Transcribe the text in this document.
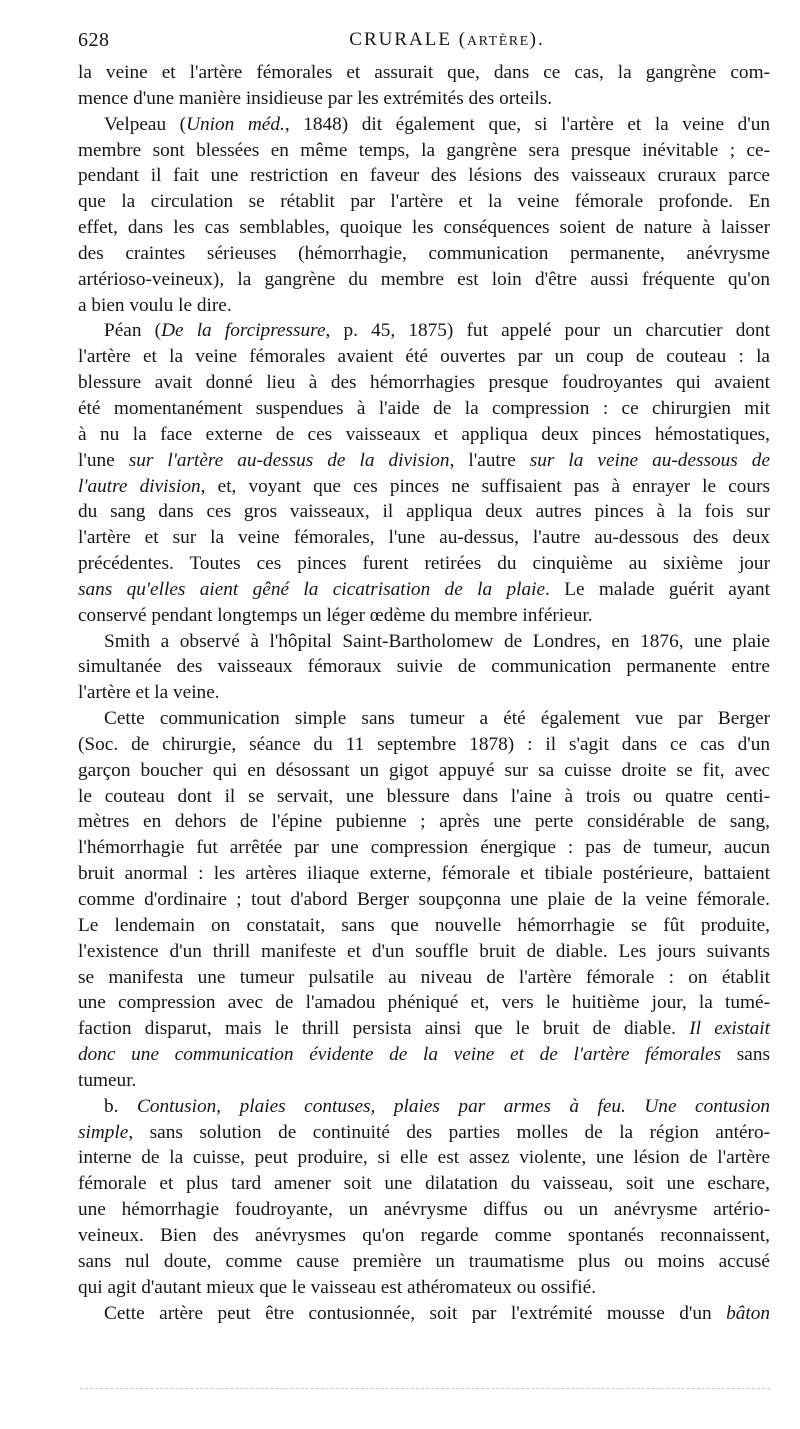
628	CRURALE (ARTÈRE).
la veine et l'artère fémorales et assurait que, dans ce cas, la gangrène com-
mence d'une manière insidieuse par les extrémités des orteils.
Velpeau (Union méd., 1848) dit également que, si l'artère et la veine d'un
membre sont blessées en même temps, la gangrène sera presque inévitable ; ce-
pendant il fait une restriction en faveur des lésions des vaisseaux cruraux parce
que la circulation se rétablit par l'artère et la veine fémorale profonde. En
effet, dans les cas semblables, quoique les conséquences soient de nature à laisser
des craintes sérieuses (hémorrhagie, communication permanente, anévrysme
artérioso-veineux), la gangrène du membre est loin d'être aussi fréquente qu'on
a bien voulu le dire.
Péan (De la forcipressure, p. 45, 1875) fut appelé pour un charcutier dont
l'artère et la veine fémorales avaient été ouvertes par un coup de couteau : la
blessure avait donné lieu à des hémorrhagies presque foudroyantes qui avaient
été momentanément suspendues à l'aide de la compression : ce chirurgien mit
à nu la face externe de ces vaisseaux et appliqua deux pinces hémostatiques,
l'une sur l'artère au-dessus de la division, l'autre sur la veine au-dessous de
l'autre division, et, voyant que ces pinces ne suffisaient pas à enrayer le cours
du sang dans ces gros vaisseaux, il appliqua deux autres pinces à la fois sur
l'artère et sur la veine fémorales, l'une au-dessus, l'autre au-dessous des deux
précédentes. Toutes ces pinces furent retirées du cinquième au sixième jour
sans qu'elles aient gêné la cicatrisation de la plaie. Le malade guérit ayant
conservé pendant longtemps un léger œdème du membre inférieur.
Smith a observé à l'hôpital Saint-Bartholomew de Londres, en 1876, une plaie
simultanée des vaisseaux fémoraux suivie de communication permanente entre
l'artère et la veine.
Cette communication simple sans tumeur a été également vue par Berger
(Soc. de chirurgie, séance du 11 septembre 1878) : il s'agit dans ce cas d'un
garçon boucher qui en désossant un gigot appuyé sur sa cuisse droite se fit, avec
le couteau dont il se servait, une blessure dans l'aine à trois ou quatre centi-
mètres en dehors de l'épine pubienne ; après une perte considérable de sang,
l'hémorrhagie fut arrêtée par une compression énergique : pas de tumeur, aucun
bruit anormal : les artères iliaque externe, fémorale et tibiale postérieure, battaient
comme d'ordinaire ; tout d'abord Berger soupçonna une plaie de la veine fémorale.
Le lendemain on constatait, sans que nouvelle hémorrhagie se fût produite,
l'existence d'un thrill manifeste et d'un souffle bruit de diable. Les jours suivants
se manifesta une tumeur pulsatile au niveau de l'artère fémorale : on établit
une compression avec de l'amadou phéniqué et, vers le huitième jour, la tumé-
faction disparut, mais le thrill persista ainsi que le bruit de diable. Il existait
donc une communication évidente de la veine et de l'artère fémorales sans
tumeur.
b. Contusion, plaies contuses, plaies par armes à feu. Une contusion
simple, sans solution de continuité des parties molles de la région antéro-
interne de la cuisse, peut produire, si elle est assez violente, une lésion de l'artère
fémorale et plus tard amener soit une dilatation du vaisseau, soit une eschare,
une hémorrhagie foudroyante, un anévrysme diffus ou un anévrysme artério-
veineux. Bien des anévrysmes qu'on regarde comme spontanés reconnaissent,
sans nul doute, comme cause première un traumatisme plus ou moins accusé
qui agit d'autant mieux que le vaisseau est athéromateux ou ossifié.
Cette artère peut être contusionnée, soit par l'extrémité mousse d'un bâton
